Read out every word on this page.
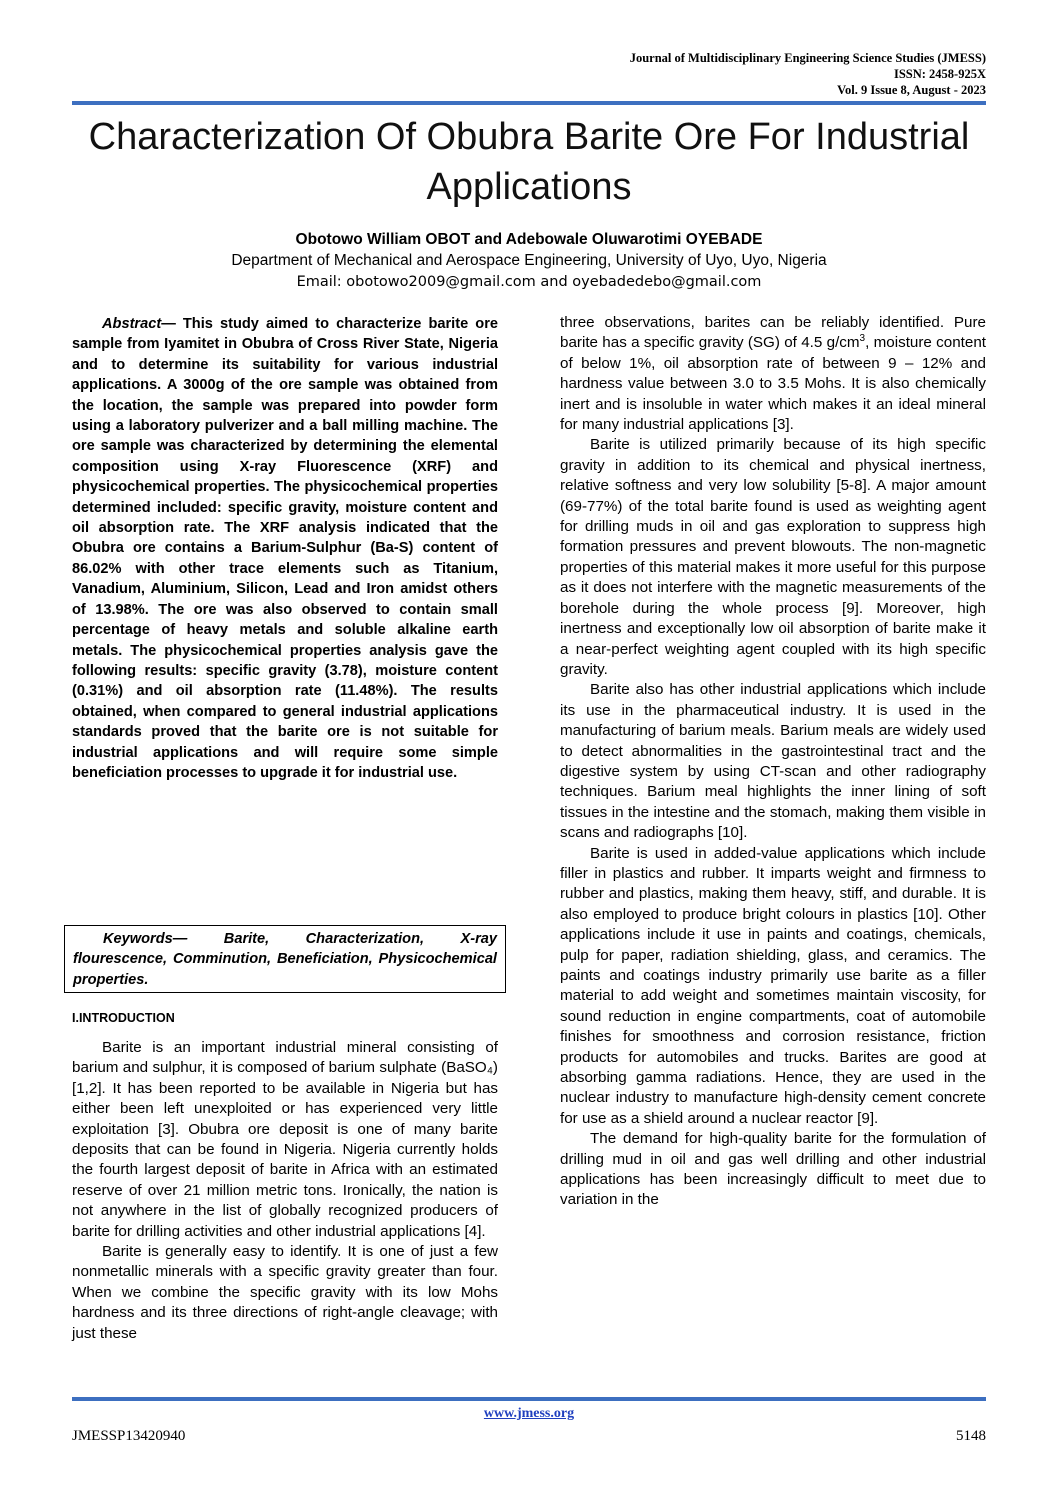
Journal of Multidisciplinary Engineering Science Studies (JMESS)
ISSN: 2458-925X
Vol. 9 Issue 8, August - 2023
Characterization Of Obubra Barite Ore For Industrial Applications
Obotowo William OBOT and Adebowale Oluwarotimi OYEBADE
Department of Mechanical and Aerospace Engineering, University of Uyo, Uyo, Nigeria
Email: obotowo2009@gmail.com and oyebadedebo@gmail.com

Abstract— This study aimed to characterize barite ore sample from Iyamitet in Obubra of Cross River State, Nigeria and to determine its suitability for various industrial applications. A 3000g of the ore sample was obtained from the location, the sample was prepared into powder form using a laboratory pulverizer and a ball milling machine. The ore sample was characterized by determining the elemental composition using X-ray Fluorescence (XRF) and physicochemical properties. The physicochemical properties determined included: specific gravity, moisture content and oil absorption rate. The XRF analysis indicated that the Obubra ore contains a Barium-Sulphur (Ba-S) content of 86.02% with other trace elements such as Titanium, Vanadium, Aluminium, Silicon, Lead and Iron amidst others of 13.98%. The ore was also observed to contain small percentage of heavy metals and soluble alkaline earth metals. The physicochemical properties analysis gave the following results: specific gravity (3.78), moisture content (0.31%) and oil absorption rate (11.48%). The results obtained, when compared to general industrial applications standards proved that the barite ore is not suitable for industrial applications and will require some simple beneficiation processes to upgrade it for industrial use.

Keywords— Barite, Characterization, X-ray flourescence, Comminution, Beneficiation, Physicochemical properties.
I.INTRODUCTION

Barite is an important industrial mineral consisting of barium and sulphur, it is composed of barium sulphate (BaSO₄) [1,2]. It has been reported to be available in Nigeria but has either been left unexploited or has experienced very little exploitation [3]. Obubra ore deposit is one of many barite deposits that can be found in Nigeria. Nigeria currently holds the fourth largest deposit of barite in Africa with an estimated reserve of over 21 million metric tons. Ironically, the nation is not anywhere in the list of globally recognized producers of barite for drilling activities and other industrial applications [4].

Barite is generally easy to identify. It is one of just a few nonmetallic minerals with a specific gravity greater than four. When we combine the specific gravity with its low Mohs hardness and its three directions of right-angle cleavage; with just these

three observations, barites can be reliably identified. Pure barite has a specific gravity (SG) of 4.5 $g/cm^3$, moisture content of below 1%, oil absorption rate of between 9 – 12% and hardness value between 3.0 to 3.5 Mohs. It is also chemically inert and is insoluble in water which makes it an ideal mineral for many industrial applications [3].

Barite is utilized primarily because of its high specific gravity in addition to its chemical and physical inertness, relative softness and very low solubility [5-8]. A major amount (69-77%) of the total barite found is used as weighting agent for drilling muds in oil and gas exploration to suppress high formation pressures and prevent blowouts. The non-magnetic properties of this material makes it more useful for this purpose as it does not interfere with the magnetic measurements of the borehole during the whole process [9]. Moreover, high inertness and exceptionally low oil absorption of barite make it a near-perfect weighting agent coupled with its high specific gravity.

Barite also has other industrial applications which include its use in the pharmaceutical industry. It is used in the manufacturing of barium meals. Barium meals are widely used to detect abnormalities in the gastrointestinal tract and the digestive system by using CT-scan and other radiography techniques. Barium meal highlights the inner lining of soft tissues in the intestine and the stomach, making them visible in scans and radiographs [10].

Barite is used in added-value applications which include filler in plastics and rubber. It imparts weight and firmness to rubber and plastics, making them heavy, stiff, and durable. It is also employed to produce bright colours in plastics [10]. Other applications include it use in paints and coatings, chemicals, pulp for paper, radiation shielding, glass, and ceramics. The paints and coatings industry primarily use barite as a filler material to add weight and sometimes maintain viscosity, for sound reduction in engine compartments, coat of automobile finishes for smoothness and corrosion resistance, friction products for automobiles and trucks. Barites are good at absorbing gamma radiations. Hence, they are used in the nuclear industry to manufacture high-density cement concrete for use as a shield around a nuclear reactor [9].

The demand for high-quality barite for the formulation of drilling mud in oil and gas well drilling and other industrial applications has been increasingly difficult to meet due to variation in the

www.jmess.org
JMESSP13420940	5148
